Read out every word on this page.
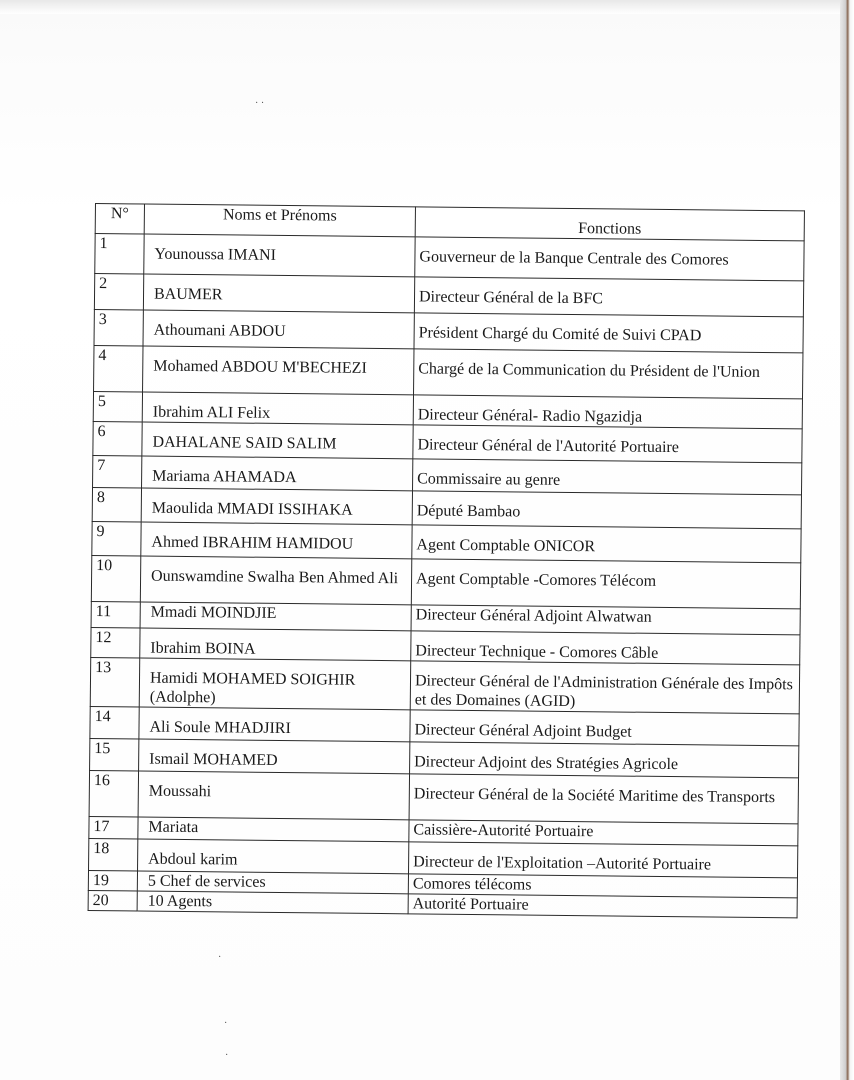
· ·
·
·
·
N°	Noms et Prénoms	Fonctions
1	Younoussa IMANI	Gouverneur de la Banque Centrale des Comores

2	BAUMER	Directeur Général de la BFC

3	Athoumani ABDOU	Président Chargé du Comité de Suivi CPAD

4	Mohamed ABDOU M'BECHEZI	Chargé de la Communication du Président de l'Union

5	Ibrahim ALI Felix	Directeur Général- Radio Ngazidja

6	DAHALANE SAID SALIM	Directeur Général de l'Autorité Portuaire

7	Mariama AHAMADA	Commissaire au genre

8	Maoulida MMADI ISSIHAKA	Député Bambao

9	Ahmed IBRAHIM HAMIDOU	Agent Comptable ONICOR

10	Ounswamdine Swalha Ben Ahmed Ali	Agent Comptable -Comores Télécom

11	Mmadi MOINDJIE	Directeur Général Adjoint Alwatwan

12	Ibrahim BOINA	Directeur Technique - Comores Câble

13	Hamidi MOHAMED SOIGHIR (Adolphe)	Directeur Général de l'Administration Générale des Impôts et des Domaines (AGID)

14	Ali Soule MHADJIRI	Directeur Général Adjoint Budget

15	Ismail MOHAMED	Directeur Adjoint des Stratégies Agricole

16	Moussahi	Directeur Général de la Société Maritime des Transports

17	Mariata	Caissière-Autorité Portuaire

18	Abdoul karim	Directeur de l'Exploitation –Autorité Portuaire

19	5 Chef de services	Comores télécoms

20	10 Agents	Autorité Portuaire
